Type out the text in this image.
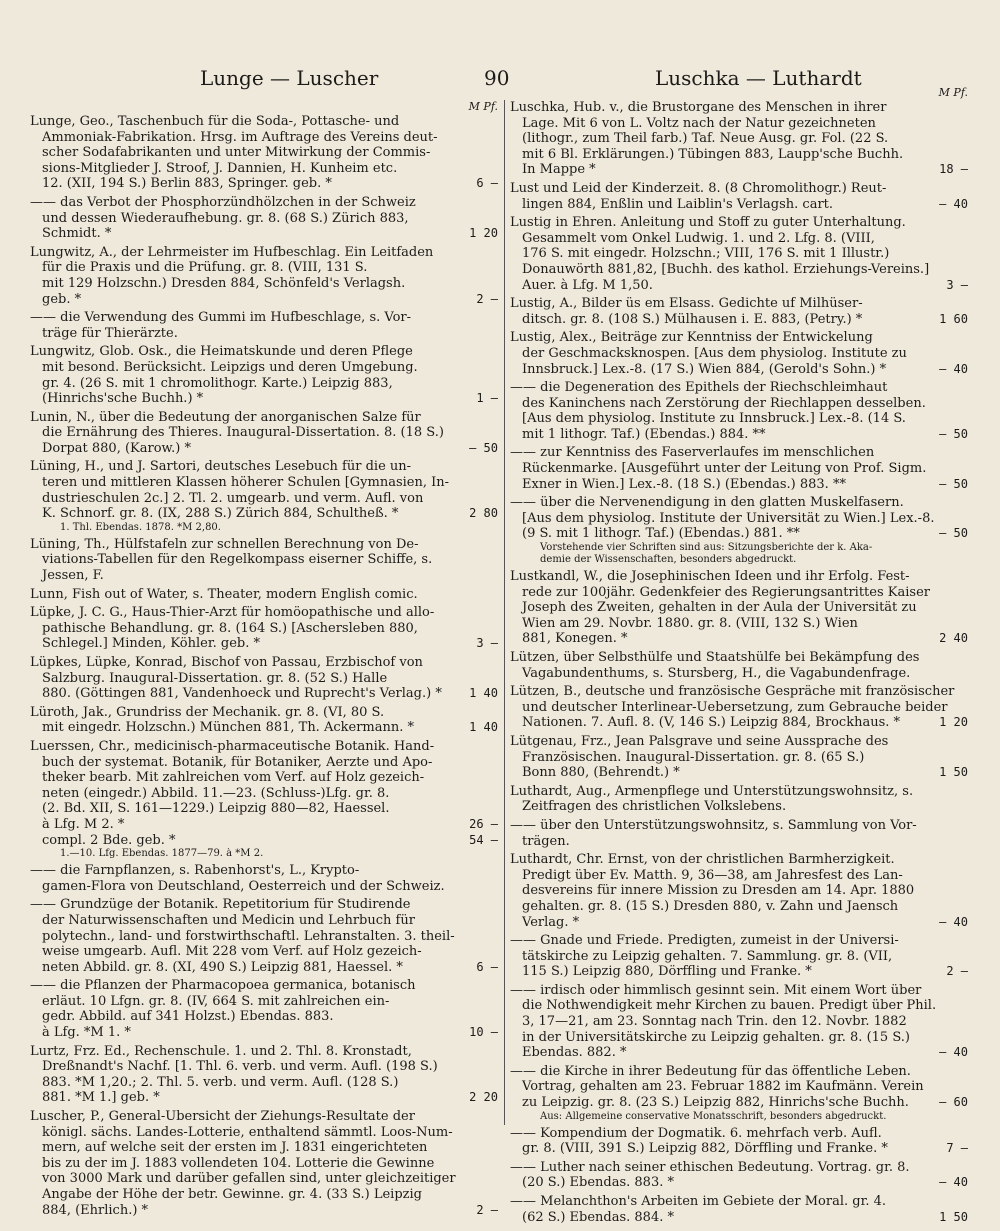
Lunge — Luscher	90	Luschka — Luthardt
M Pf.
Lunge, Geo., Taschenbuch für die Soda-, Pottasche- und
Ammoniak-Fabrikation. Hrsg. im Auftrage des Vereins deut-
scher Sodafabrikanten und unter Mitwirkung der Commis-
sions-Mitglieder J. Stroof, J. Dannien, H. Kunheim etc.
12. (XII, 194 S.) Berlin 883, Springer. geb. *	6 —
—— das Verbot der Phosphorzündhölzchen in der Schweiz
und dessen Wiederaufhebung. gr. 8. (68 S.) Zürich 883,
Schmidt. *	1 20
Lungwitz, A., der Lehrmeister im Hufbeschlag. Ein Leitfaden
für die Praxis und die Prüfung. gr. 8. (VIII, 131 S.
mit 129 Holzschn.) Dresden 884, Schönfeld's Verlagsh.
geb. *	2 —
—— die Verwendung des Gummi im Hufbeschlage, s. Vor-
träge für Thierärzte.
Lungwitz, Glob. Osk., die Heimatskunde und deren Pflege
mit besond. Berücksicht. Leipzigs und deren Umgebung.
gr. 4. (26 S. mit 1 chromolithogr. Karte.) Leipzig 883,
(Hinrichs'sche Buchh.) *	1 —
Lunin, N., über die Bedeutung der anorganischen Salze für
die Ernährung des Thieres. Inaugural-Dissertation. 8. (18 S.)
Dorpat 880, (Karow.) *	— 50
Lüning, H., und J. Sartori, deutsches Lesebuch für die un-
teren und mittleren Klassen höherer Schulen [Gymnasien, In-
dustrieschulen 2c.] 2. Tl. 2. umgearb. und verm. Aufl. von
K. Schnorf. gr. 8. (IX, 288 S.) Zürich 884, Schultheß. *	2 80
1. Thl. Ebendas. 1878. *M 2,80.
Lüning, Th., Hülfstafeln zur schnellen Berechnung von De-
viations-Tabellen für den Regelkompass eiserner Schiffe, s.
Jessen, F.
Lunn, Fish out of Water, s. Theater, modern English comic.
Lüpke, J. C. G., Haus-Thier-Arzt für homöopathische und allo-
pathische Behandlung. gr. 8. (164 S.) [Aschersleben 880,
Schlegel.] Minden, Köhler. geb. *	3 —
Lüpkes, Lüpke, Konrad, Bischof von Passau, Erzbischof von
Salzburg. Inaugural-Dissertation. gr. 8. (52 S.) Halle
880. (Göttingen 881, Vandenhoeck und Ruprecht's Verlag.) *	1 40
Lüroth, Jak., Grundriss der Mechanik. gr. 8. (VI, 80 S.
mit eingedr. Holzschn.) München 881, Th. Ackermann. *	1 40
Luerssen, Chr., medicinisch-pharmaceutische Botanik. Hand-
buch der systemat. Botanik, für Botaniker, Aerzte und Apo-
theker bearb. Mit zahlreichen vom Verf. auf Holz gezeich-
neten (eingedr.) Abbild. 11.—23. (Schluss-)Lfg. gr. 8.
(2. Bd. XII, S. 161—1229.) Leipzig 880—82, Haessel.
à Lfg. M 2. *	26 —
compl. 2 Bde. geb. *	54 —
1.—10. Lfg. Ebendas. 1877—79. à *M 2.
—— die Farnpflanzen, s. Rabenhorst's, L., Krypto-
gamen-Flora von Deutschland, Oesterreich und der Schweiz.
—— Grundzüge der Botanik. Repetitorium für Studirende
der Naturwissenschaften und Medicin und Lehrbuch für
polytechn., land- und forstwirthschaftl. Lehranstalten. 3. theil-
weise umgearb. Aufl. Mit 228 vom Verf. auf Holz gezeich-
neten Abbild. gr. 8. (XI, 490 S.) Leipzig 881, Haessel. *	6 —
—— die Pflanzen der Pharmacopoea germanica, botanisch
erläut. 10 Lfgn. gr. 8. (IV, 664 S. mit zahlreichen ein-
gedr. Abbild. auf 341 Holzst.) Ebendas. 883.
à Lfg. *M 1. *	10 —
Lurtz, Frz. Ed., Rechenschule. 1. und 2. Thl. 8. Kronstadt,
Dreßnandt's Nachf. [1. Thl. 6. verb. und verm. Aufl. (198 S.)
883. *M 1,20.; 2. Thl. 5. verb. und verm. Aufl. (128 S.)
881. *M 1.] geb. *	2 20
Luscher, P., General-Übersicht der Ziehungs-Resultate der
königl. sächs. Landes-Lotterie, enthaltend sämmtl. Loos-Num-
mern, auf welche seit der ersten im J. 1831 eingerichteten
bis zu der im J. 1883 vollendeten 104. Lotterie die Gewinne
von 3000 Mark und darüber gefallen sind, unter gleichzeitiger
Angabe der Höhe der betr. Gewinne. gr. 4. (33 S.) Leipzig
884, (Ehrlich.) *	2 —
M Pf.
Luschka, Hub. v., die Brustorgane des Menschen in ihrer
Lage. Mit 6 von L. Voltz nach der Natur gezeichneten
(lithogr., zum Theil farb.) Taf. Neue Ausg. gr. Fol. (22 S.
mit 6 Bl. Erklärungen.) Tübingen 883, Laupp'sche Buchh.
In Mappe *	18 —
Lust und Leid der Kinderzeit. 8. (8 Chromolithogr.) Reut-
lingen 884, Enßlin und Laiblin's Verlagsh. cart.	— 40
Lustig in Ehren. Anleitung und Stoff zu guter Unterhaltung.
Gesammelt vom Onkel Ludwig. 1. und 2. Lfg. 8. (VIII,
176 S. mit eingedr. Holzschn.; VIII, 176 S. mit 1 Illustr.)
Donauwörth 881,82, [Buchh. des kathol. Erziehungs-Vereins.]
Auer. à Lfg. M 1,50.	3 —
Lustig, A., Bilder üs em Elsass. Gedichte uf Milhüser-
ditsch. gr. 8. (108 S.) Mülhausen i. E. 883, (Petry.) *	1 60
Lustig, Alex., Beiträge zur Kenntniss der Entwickelung
der Geschmacksknospen. [Aus dem physiolog. Institute zu
Innsbruck.] Lex.-8. (17 S.) Wien 884, (Gerold's Sohn.) *	— 40
—— die Degeneration des Epithels der Riechschleimhaut
des Kaninchens nach Zerstörung der Riechlappen desselben.
[Aus dem physiolog. Institute zu Innsbruck.] Lex.-8. (14 S.
mit 1 lithogr. Taf.) (Ebendas.) 884. **	— 50
—— zur Kenntniss des Faserverlaufes im menschlichen
Rückenmarke. [Ausgeführt unter der Leitung von Prof. Sigm.
Exner in Wien.] Lex.-8. (18 S.) (Ebendas.) 883. **	— 50
—— über die Nervenendigung in den glatten Muskelfasern.
[Aus dem physiolog. Institute der Universität zu Wien.] Lex.-8.
(9 S. mit 1 lithogr. Taf.) (Ebendas.) 881. **	— 50
Vorstehende vier Schriften sind aus: Sitzungsberichte der k. Aka-
demie der Wissenschaften, besonders abgedruckt.
Lustkandl, W., die Josephinischen Ideen und ihr Erfolg. Fest-
rede zur 100jähr. Gedenkfeier des Regierungsantrittes Kaiser
Joseph des Zweiten, gehalten in der Aula der Universität zu
Wien am 29. Novbr. 1880. gr. 8. (VIII, 132 S.) Wien
881, Konegen. *	2 40
Lützen, über Selbsthülfe und Staatshülfe bei Bekämpfung des
Vagabundenthums, s. Stursberg, H., die Vagabundenfrage.
Lützen, B., deutsche und französische Gespräche mit französischer
und deutscher Interlinear-Uebersetzung, zum Gebrauche beider
Nationen. 7. Aufl. 8. (V, 146 S.) Leipzig 884, Brockhaus. *	1 20
Lütgenau, Frz., Jean Palsgrave und seine Aussprache des
Französischen. Inaugural-Dissertation. gr. 8. (65 S.)
Bonn 880, (Behrendt.) *	1 50
Luthardt, Aug., Armenpflege und Unterstützungswohnsitz, s.
Zeitfragen des christlichen Volkslebens.
—— über den Unterstützungswohnsitz, s. Sammlung von Vor-
trägen.
Luthardt, Chr. Ernst, von der christlichen Barmherzigkeit.
Predigt über Ev. Matth. 9, 36—38, am Jahresfest des Lan-
desvereins für innere Mission zu Dresden am 14. Apr. 1880
gehalten. gr. 8. (15 S.) Dresden 880, v. Zahn und Jaensch
Verlag. *	— 40
—— Gnade und Friede. Predigten, zumeist in der Universi-
tätskirche zu Leipzig gehalten. 7. Sammlung. gr. 8. (VII,
115 S.) Leipzig 880, Dörffling und Franke. *	2 —
—— irdisch oder himmlisch gesinnt sein. Mit einem Wort über
die Nothwendigkeit mehr Kirchen zu bauen. Predigt über Phil.
3, 17—21, am 23. Sonntag nach Trin. den 12. Novbr. 1882
in der Universitätskirche zu Leipzig gehalten. gr. 8. (15 S.)
Ebendas. 882. *	— 40
—— die Kirche in ihrer Bedeutung für das öffentliche Leben.
Vortrag, gehalten am 23. Februar 1882 im Kaufmänn. Verein
zu Leipzig. gr. 8. (23 S.) Leipzig 882, Hinrichs'sche Buchh.	— 60
Aus: Allgemeine conservative Monatsschrift, besonders abgedruckt.
—— Kompendium der Dogmatik. 6. mehrfach verb. Aufl.
gr. 8. (VIII, 391 S.) Leipzig 882, Dörffling und Franke. *	7 —
—— Luther nach seiner ethischen Bedeutung. Vortrag. gr. 8.
(20 S.) Ebendas. 883. *	— 40
—— Melanchthon's Arbeiten im Gebiete der Moral. gr. 4.
(62 S.) Ebendas. 884. *	1 50
